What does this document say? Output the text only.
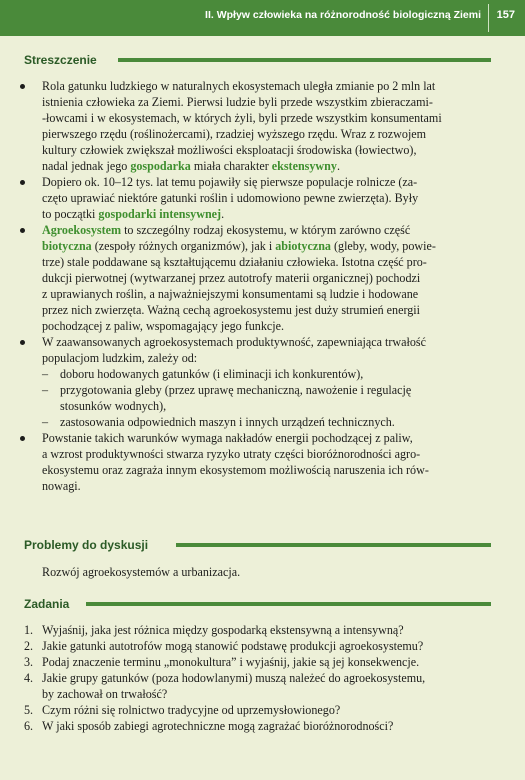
II. Wpływ człowieka na różnorodność biologiczną Ziemi 157
Streszczenie
Rola gatunku ludzkiego w naturalnych ekosystemach uległa zmianie po 2 mln lat
istnienia człowieka za Ziemi. Pierwsi ludzie byli przede wszystkim zbieraczami-
-łowcami i w ekosystemach, w których żyli, byli przede wszystkim konsumentami
pierwszego rzędu (roślinożercami), rzadziej wyższego rzędu. Wraz z rozwojem
kultury człowiek zwiększał możliwości eksploatacji środowiska (łowiectwo),
nadal jednak jego gospodarka miała charakter ekstensywny.
Dopiero ok. 10–12 tys. lat temu pojawiły się pierwsze populacje rolnicze (za-
częto uprawiać niektóre gatunki roślin i udomowiono pewne zwierzęta). Były
to początki gospodarki intensywnej.
Agroekosystem to szczególny rodzaj ekosystemu, w którym zarówno część
biotyczna (zespoły różnych organizmów), jak i abiotyczna (gleby, wody, powie-
trze) stale poddawane są kształtującemu działaniu człowieka. Istotna część pro-
dukcji pierwotnej (wytwarzanej przez autotrofy materii organicznej) pochodzi
z uprawianych roślin, a najważniejszymi konsumentami są ludzie i hodowane
przez nich zwierzęta. Ważną cechą agroekosystemu jest duży strumień energii
pochodzącej z paliw, wspomagający jego funkcje.
W zaawansowanych agroekosystemach produktywność, zapewniająca trwałość
populacjom ludzkim, zależy od:
– doboru hodowanych gatunków (i eliminacji ich konkurentów),
– przygotowania gleby (przez uprawę mechaniczną, nawożenie i regulację
stosunków wodnych),
– zastosowania odpowiednich maszyn i innych urządzeń technicznych.
Powstanie takich warunków wymaga nakładów energii pochodzącej z paliw,
a wzrost produktywności stwarza ryzyko utraty części bioróżnorodności agro-
ekosystemu oraz zagraża innym ekosystemom możliwością naruszenia ich rów-
nowagi.
Problemy do dyskusji
Rozwój agroekosystemów a urbanizacja.
Zadania
1. Wyjaśnij, jaka jest różnica między gospodarką ekstensywną a intensywną?
2. Jakie gatunki autotrofów mogą stanowić podstawę produkcji agroekosystemu?
3. Podaj znaczenie terminu „monokultura” i wyjaśnij, jakie są jej konsekwencje.
4. Jakie grupy gatunków (poza hodowlanymi) muszą należeć do agroekosystemu,
by zachował on trwałość?
5. Czym różni się rolnictwo tradycyjne od uprzemysłowionego?
6. W jaki sposób zabiegi agrotechniczne mogą zagrażać bioróżnorodności?
